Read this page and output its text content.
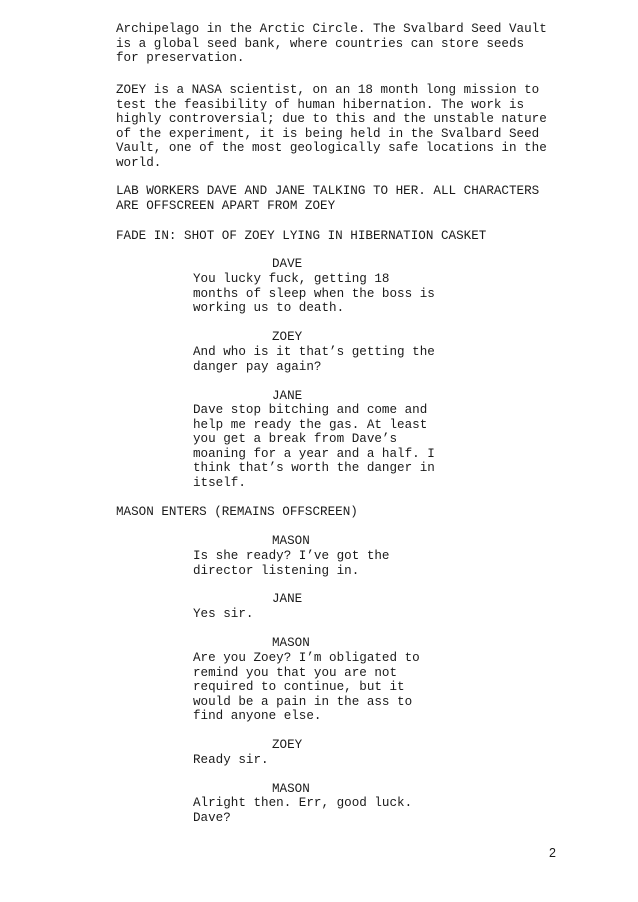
Archipelago in the Arctic Circle. The Svalbard Seed Vault
is a global seed bank, where countries can store seeds
for preservation.
ZOEY is a NASA scientist, on an 18 month long mission to
test the feasibility of human hibernation. The work is
highly controversial; due to this and the unstable nature
of the experiment, it is being held in the Svalbard Seed
Vault, one of the most geologically safe locations in the
world.
LAB WORKERS DAVE AND JANE TALKING TO HER. ALL CHARACTERS
ARE OFFSCREEN APART FROM ZOEY
FADE IN: SHOT OF ZOEY LYING IN HIBERNATION CASKET
DAVE
You lucky fuck, getting 18
months of sleep when the boss is
working us to death.
ZOEY
And who is it that’s getting the
danger pay again?
JANE
Dave stop bitching and come and
help me ready the gas. At least
you get a break from Dave’s
moaning for a year and a half. I
think that’s worth the danger in
itself.
MASON ENTERS (REMAINS OFFSCREEN)
MASON
Is she ready? I’ve got the
director listening in.
JANE
Yes sir.
MASON
Are you Zoey? I’m obligated to
remind you that you are not
required to continue, but it
would be a pain in the ass to
find anyone else.
ZOEY
Ready sir.
MASON
Alright then. Err, good luck.
Dave?
2
